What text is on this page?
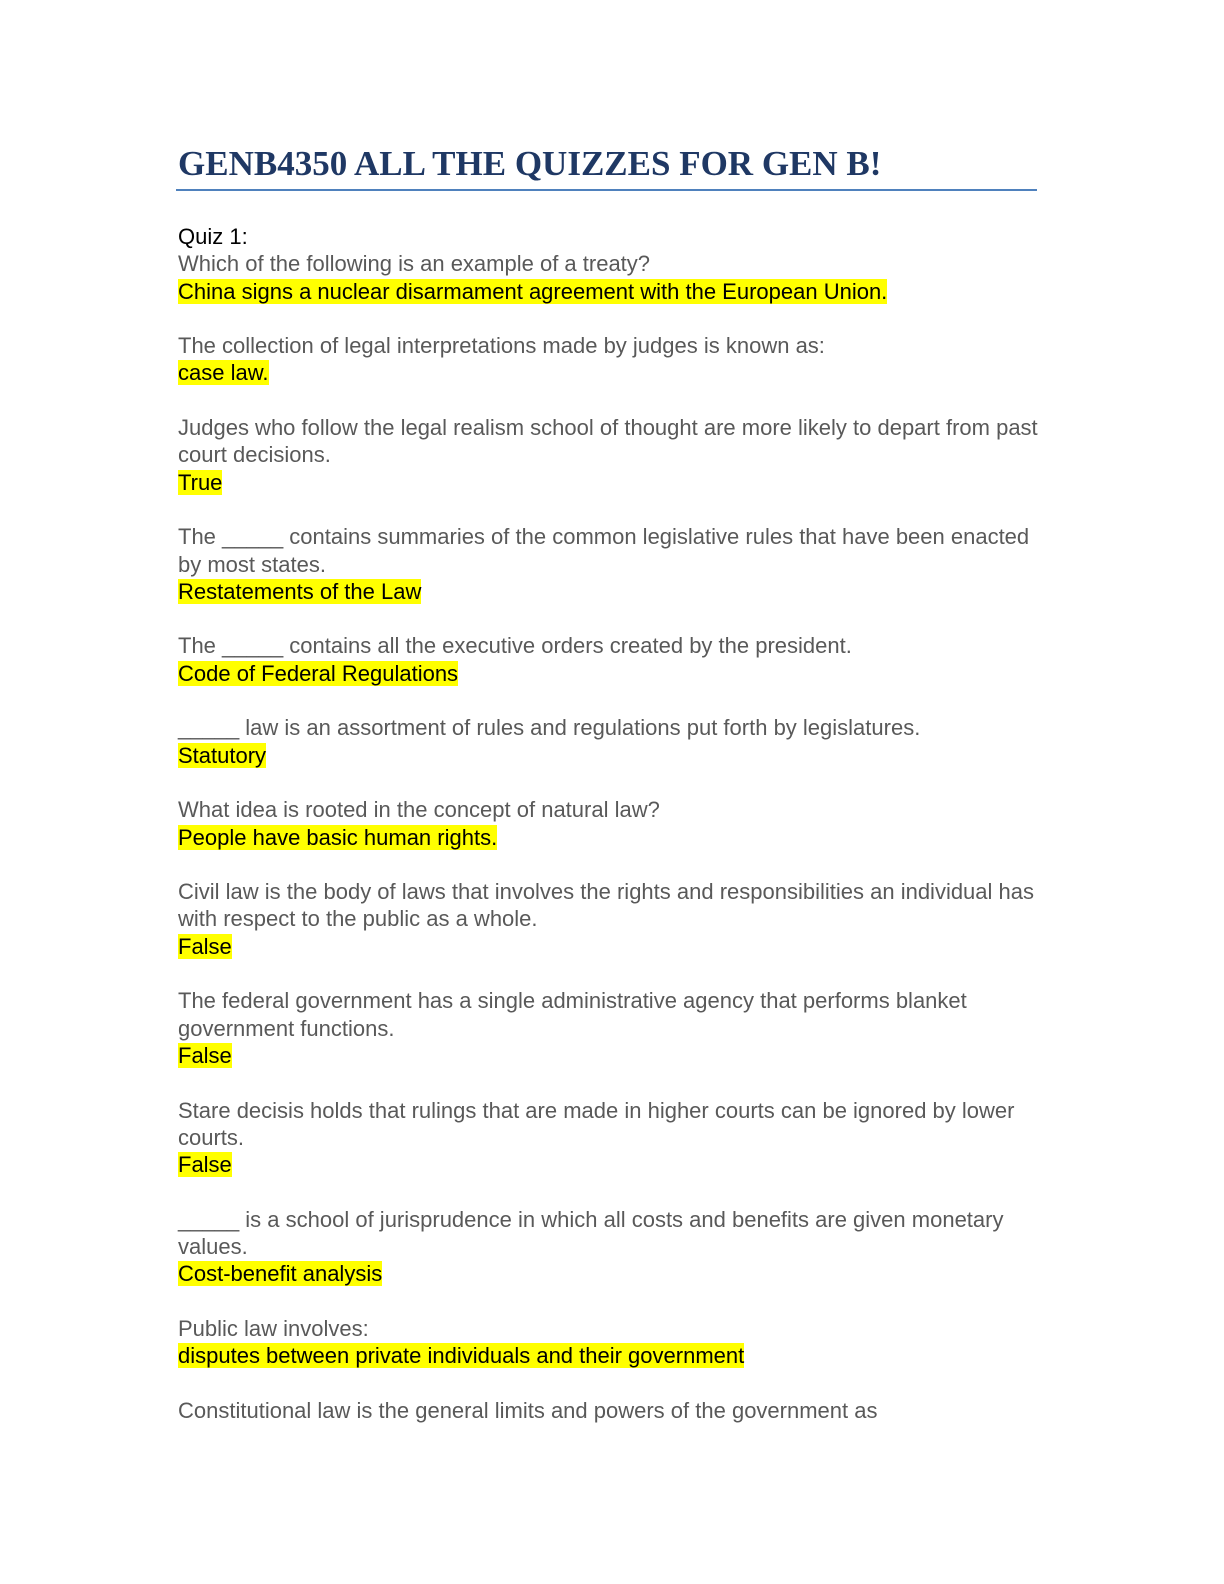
GENB4350 ALL THE QUIZZES FOR GEN B!

Quiz 1:

Which of the following is an example of a treaty?

China signs a nuclear disarmament agreement with the European Union.

The collection of legal interpretations made by judges is known as:

case law.

Judges who follow the legal realism school of thought are more likely to depart from past court decisions.

True

The _____ contains summaries of the common legislative rules that have been enacted by most states.

Restatements of the Law

The _____ contains all the executive orders created by the president.

Code of Federal Regulations

_____ law is an assortment of rules and regulations put forth by legislatures.

Statutory

What idea is rooted in the concept of natural law?

People have basic human rights.

Civil law is the body of laws that involves the rights and responsibilities an individual has with respect to the public as a whole.

False

The federal government has a single administrative agency that performs blanket government functions.

False

Stare decisis holds that rulings that are made in higher courts can be ignored by lower courts.

False

_____ is a school of jurisprudence in which all costs and benefits are given monetary values.

Cost-benefit analysis

Public law involves:

disputes between private individuals and their government

Constitutional law is the general limits and powers of the government as
